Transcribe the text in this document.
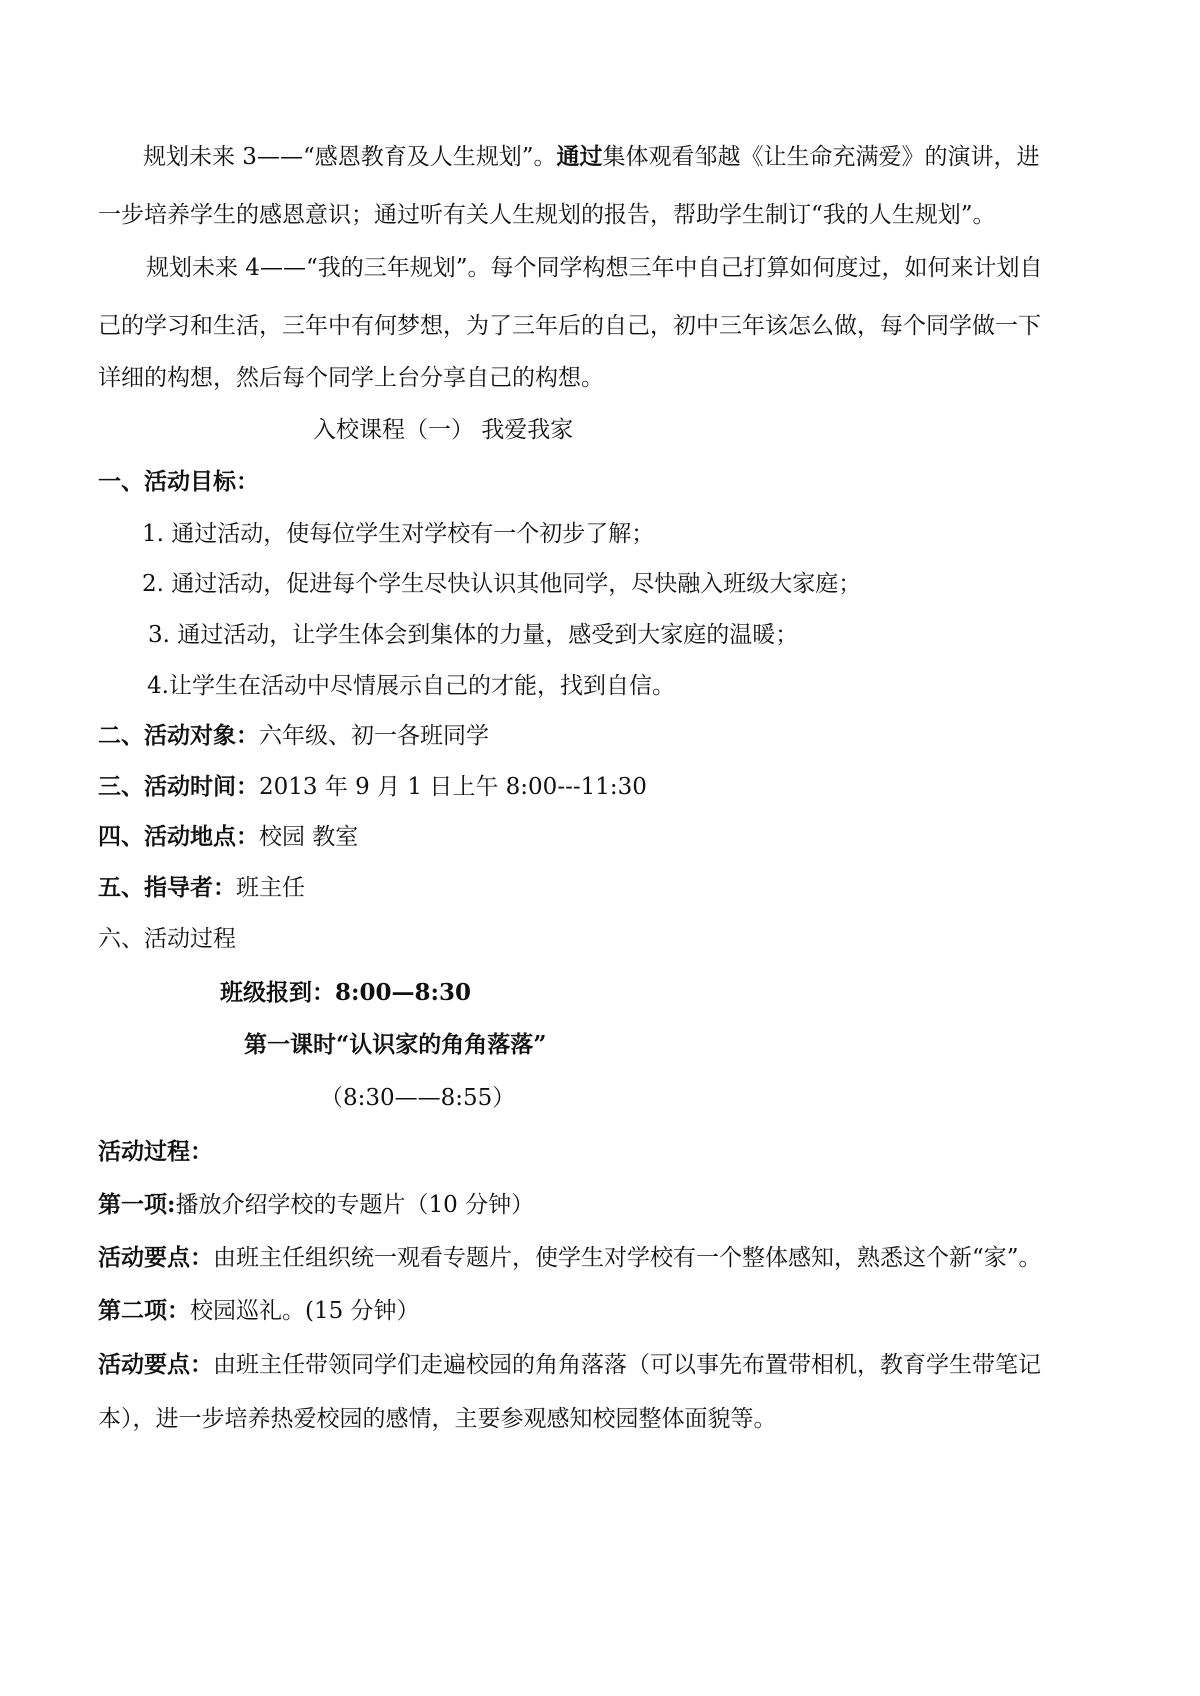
规划未来 3——“感恩教育及人生规划”。通过集体观看邹越《让生命充满爱》的演讲，进
一步培养学生的感恩意识；通过听有关人生规划的报告，帮助学生制订“我的人生规划”。
规划未来 4——“我的三年规划”。每个同学构想三年中自己打算如何度过，如何来计划自
己的学习和生活，三年中有何梦想，为了三年后的自己，初中三年该怎么做，每个同学做一下
详细的构想，然后每个同学上台分享自己的构想。
入校课程（一） 我爱我家
一、活动目标：
1. 通过活动，使每位学生对学校有一个初步了解；
2. 通过活动，促进每个学生尽快认识其他同学，尽快融入班级大家庭；
3. 通过活动，让学生体会到集体的力量，感受到大家庭的温暖；
4.让学生在活动中尽情展示自己的才能，找到自信。
二、活动对象：六年级、初一各班同学
三、活动时间：2013 年 9 月 1 日上午 8:00---11:30
四、活动地点：校园 教室
五、指导者：班主任
六、活动过程
班级报到：8:00—8:30
第一课时“认识家的角角落落”
（8:30——8:55）
活动过程：
第一项:播放介绍学校的专题片（10 分钟）
活动要点：由班主任组织统一观看专题片，使学生对学校有一个整体感知，熟悉这个新“家”。
第二项：校园巡礼。(15 分钟）
活动要点：由班主任带领同学们走遍校园的角角落落（可以事先布置带相机，教育学生带笔记
本），进一步培养热爱校园的感情，主要参观感知校园整体面貌等。
